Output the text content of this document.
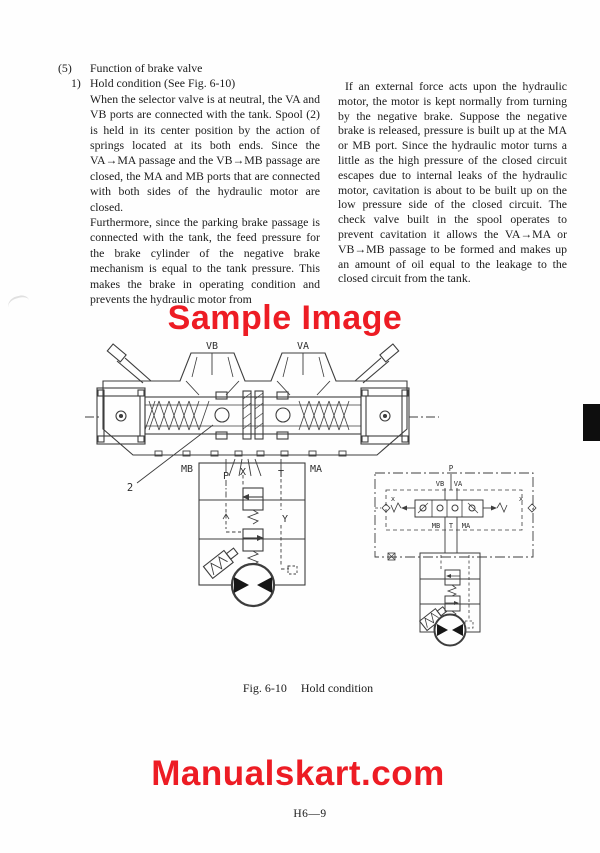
(5)	Function of brake valve
1) Hold condition (See Fig. 6-10)

When the selector valve is at neutral, the VA and VB ports are connected with the tank. Spool (2) is held in its center position by the action of springs located at its both ends. Since the VA→MA passage and the VB→MB passage are closed, the MA and MB ports that are connected with both sides of the hydraulic motor are closed.

Furthermore, since the parking brake passage is connected with the tank, the feed pressure for the brake cylinder of the negative brake mechanism is equal to the tank pressure. This makes the brake in operating condition and prevents the hydraulic motor from

If an external force acts upon the hydraulic motor, the motor is kept normally from turning by the negative brake. Suppose the negative brake is released, pressure is built up at the MA or MB port. Since the hydraulic motor turns a little as the high pressure of the closed circuit escapes due to internal leaks of the hydraulic motor, cavitation is about to be built up on the low pressure side of the closed circuit. The check valve built in the spool operates to prevent cavitation it allows the VA→MA or VB→MB passage to be formed and makes up an amount of oil equal to the leakage to the closed circuit from the tank.

Sample Image
VB	VA
2
MB
P X	T	MA
Y
P
VB VA
MB T MA
x	x
Fig. 6-10 Hold condition
Manualskart.com
H6—9
